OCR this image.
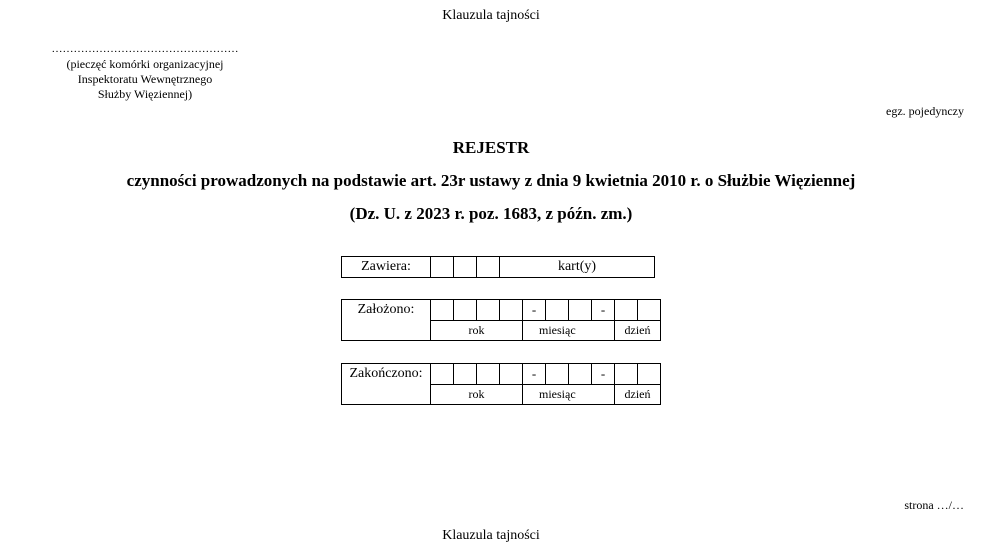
Klauzula tajności
……………………………………………
(pieczęć komórki organizacyjnej
Inspektoratu Wewnętrznego
Służby Więziennej)
egz. pojedynczy
REJESTR
czynności prowadzonych na podstawie art. 23r ustawy z dnia 9 kwietnia 2010 r. o Służbie Więziennej
(Dz. U. z 2023 r. poz. 1683, z późn. zm.)
Zawiera:				kart(y)
Założono:					-			-		
	rok				miesiąc				dzień	
Zakończono:					-			-		
	rok				miesiąc				dzień	
strona …/…
Klauzula tajności
